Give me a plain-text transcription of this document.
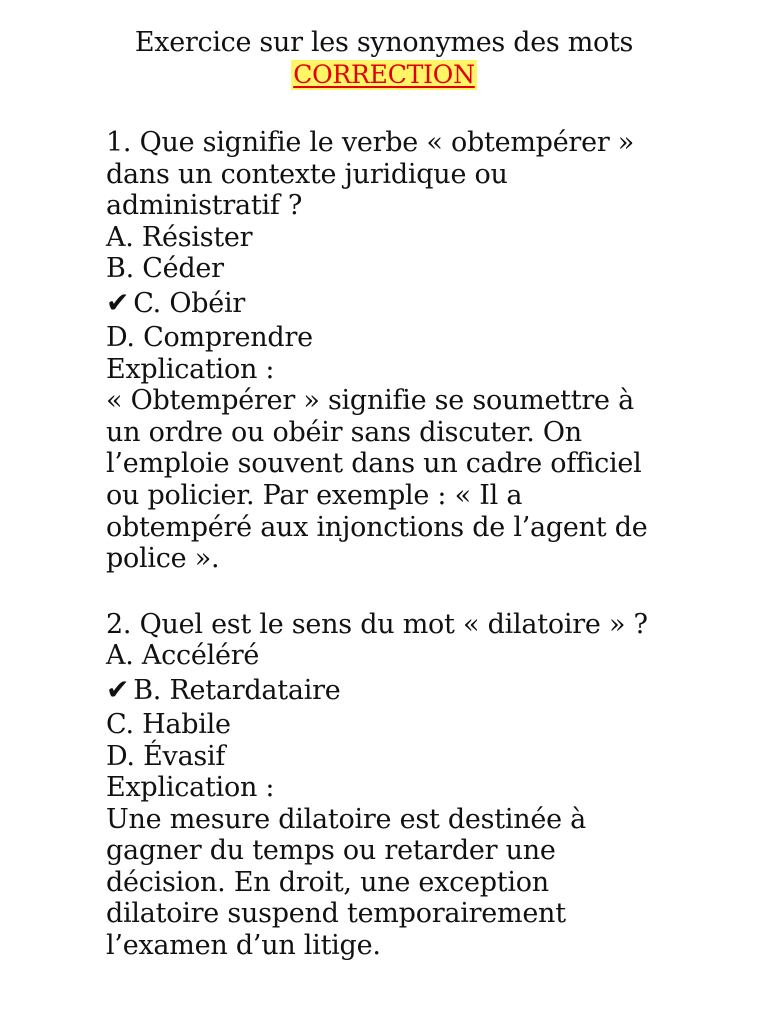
Exercice sur les synonymes des mots
CORRECTION
1. Que signifie le verbe « obtempérer »
dans un contexte juridique ou
administratif ?
A. Résister
B. Céder
✔ C. Obéir
D. Comprendre
Explication :
« Obtempérer » signifie se soumettre à
un ordre ou obéir sans discuter. On
l’emploie souvent dans un cadre officiel
ou policier. Par exemple : « Il a
obtempéré aux injonctions de l’agent de
police ».
2. Quel est le sens du mot « dilatoire » ?
A. Accéléré
✔ B. Retardataire
C. Habile
D. Évasif
Explication :
Une mesure dilatoire est destinée à
gagner du temps ou retarder une
décision. En droit, une exception
dilatoire suspend temporairement
l’examen d’un litige.
